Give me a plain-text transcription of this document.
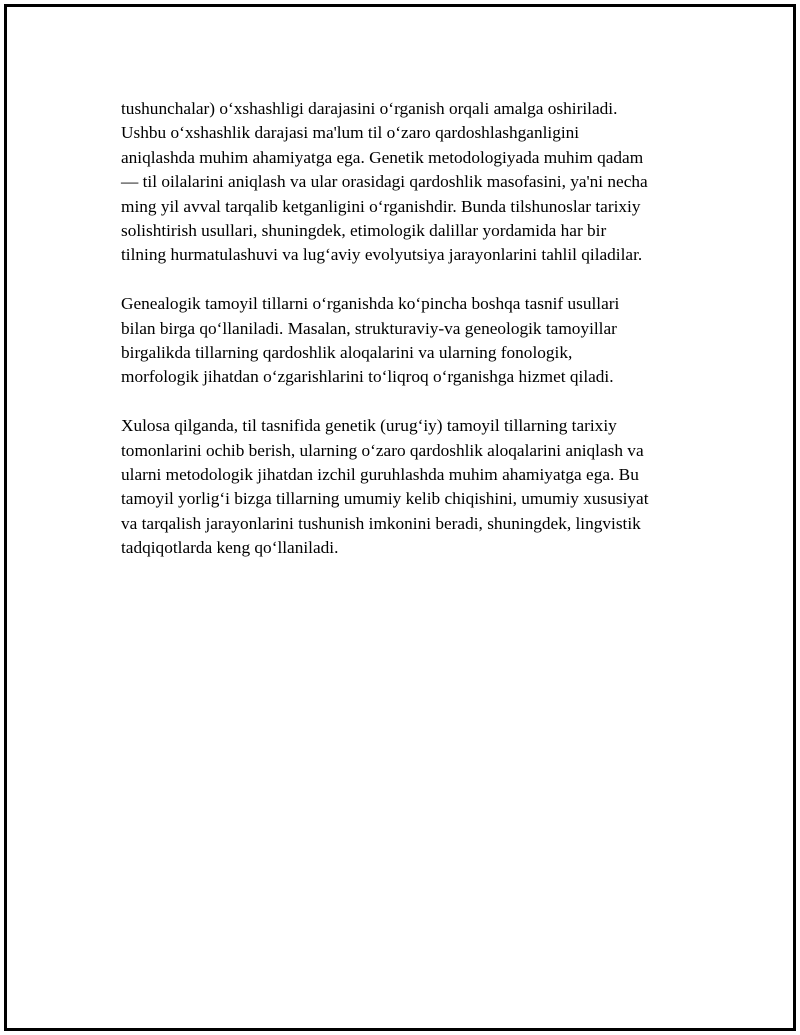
tushunchalar) o‘xshashligi darajasini o‘rganish orqali amalga oshiriladi.
Ushbu o‘xshashlik darajasi ma'lum til o‘zaro qardoshlashganligini
aniqlashda muhim ahamiyatga ega. Genetik metodologiyada muhim qadam
— til oilalarini aniqlash va ular orasidagi qardoshlik masofasini, ya'ni necha
ming yil avval tarqalib ketganligini o‘rganishdir. Bunda tilshunoslar tarixiy
solishtirish usullari, shuningdek, etimologik dalillar yordamida har bir
tilning hurmatulashuvi va lug‘aviy evolyutsiya jarayonlarini tahlil qiladilar.

Genealogik tamoyil tillarni o‘rganishda ko‘pincha boshqa tasnif usullari
bilan birga qo‘llaniladi. Masalan, strukturaviy-va geneologik tamoyillar
birgalikda tillarning qardoshlik aloqalarini va ularning fonologik,
morfologik jihatdan o‘zgarishlarini to‘liqroq o‘rganishga hizmet qiladi.

Xulosa qilganda, til tasnifida genetik (urug‘iy) tamoyil tillarning tarixiy
tomonlarini ochib berish, ularning o‘zaro qardoshlik aloqalarini aniqlash va
ularni metodologik jihatdan izchil guruhlashda muhim ahamiyatga ega. Bu
tamoyil yorlig‘i bizga tillarning umumiy kelib chiqishini, umumiy xususiyat
va tarqalish jarayonlarini tushunish imkonini beradi, shuningdek, lingvistik
tadqiqotlarda keng qo‘llaniladi.
